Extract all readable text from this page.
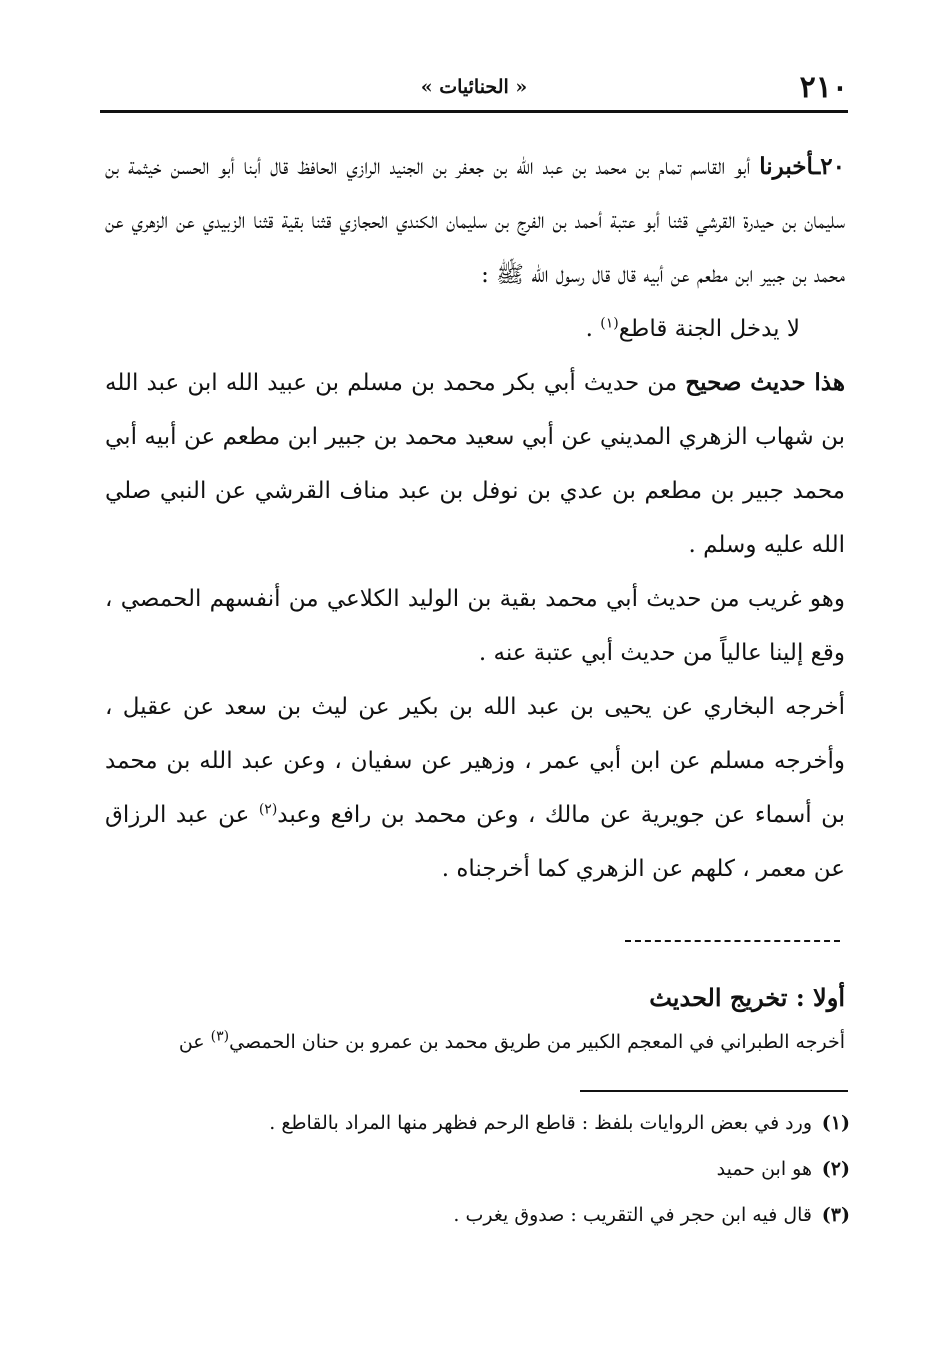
٢١٠
« الحنائيات »

٢٠ـأخبرنا أبو القاسم تمام بن محمد بن عبد الله بن جعفر بن الجنيد الرازي الحافظ قال أبنا أبو الحسن خيثمة بن سليمان بن حيدرة القرشي قثنا أبو عتبة أحمد بن الفرج بن سليمان الكندي الحجازي قثنا بقية قثنا الزبيدي عن الزهري عن محمد بن جبير ابن مطعم عن أبيه قال قال رسول الله ﷺ :

لا يدخل الجنة قاطع$^{(١)}$ .

هذا حديث صحيح من حديث أبي بكر محمد بن مسلم بن عبيد الله ابن عبد الله بن شهاب الزهري المديني عن أبي سعيد محمد بن جبير ابن مطعم عن أبيه أبي محمد جبير بن مطعم بن عدي بن نوفل بن عبد مناف القرشي عن النبي صلي الله عليه وسلم .

وهو غريب من حديث أبي محمد بقية بن الوليد الكلاعي من أنفسهم الحمصي ، وقع إلينا عالياً من حديث أبي عتبة عنه .

أخرجه البخاري عن يحيى بن عبد الله بن بكير عن ليث بن سعد عن عقيل ، وأخرجه مسلم عن ابن أبي عمر ، وزهير عن سفيان ، وعن عبد الله بن محمد بن أسماء عن جويرية عن مالك ، وعن محمد بن رافع وعبد$^{(٢)}$ عن عبد الرزاق عن معمر ، كلهم عن الزهري كما أخرجناه .

أولا : تخريج الحديث
أخرجه الطبراني في المعجم الكبير من طريق محمد بن عمرو بن حنان الحمصي$^{(٣)}$ عن
(١)
ورد في بعض الروايات بلفظ : قاطع الرحم فظهر منها المراد بالقاطع .
(٢)
هو ابن حميد
(٣)
قال فيه ابن حجر في التقريب : صدوق يغرب .
